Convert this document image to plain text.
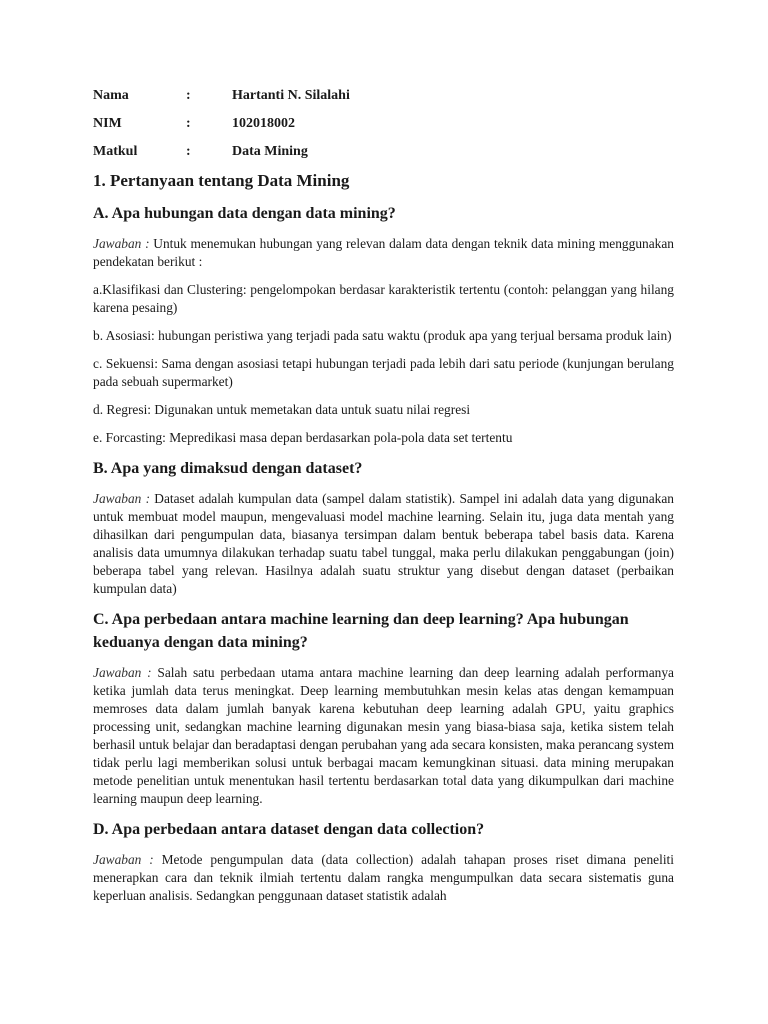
Nama	:	Hartanti N. Silalahi
NIM	:	102018002
Matkul	:	Data Mining
1. Pertanyaan tentang Data Mining
A. Apa hubungan data dengan data mining?

Jawaban : Untuk menemukan hubungan yang relevan dalam data dengan teknik data mining menggunakan pendekatan berikut :

a.Klasifikasi dan Clustering: pengelompokan berdasar karakteristik tertentu (contoh: pelanggan yang hilang karena pesaing)

b. Asosiasi: hubungan peristiwa yang terjadi pada satu waktu (produk apa yang terjual bersama produk lain)

c. Sekuensi: Sama dengan asosiasi tetapi hubungan terjadi pada lebih dari satu periode (kunjungan berulang pada sebuah supermarket)

d. Regresi: Digunakan untuk memetakan data untuk suatu nilai regresi

e. Forcasting: Mepredikasi masa depan berdasarkan pola-pola data set tertentu

B. Apa yang dimaksud dengan dataset?

Jawaban : Dataset adalah kumpulan data (sampel dalam statistik). Sampel ini adalah data yang digunakan untuk membuat model maupun, mengevaluasi model machine learning. Selain itu, juga data mentah yang dihasilkan dari pengumpulan data, biasanya tersimpan dalam bentuk beberapa tabel basis data. Karena analisis data umumnya dilakukan terhadap suatu tabel tunggal, maka perlu dilakukan penggabungan (join) beberapa tabel yang relevan. Hasilnya adalah suatu struktur yang disebut dengan dataset (perbaikan kumpulan data)

C. Apa perbedaan antara machine learning dan deep learning? Apa hubungan keduanya dengan data mining?

Jawaban : Salah satu perbedaan utama antara machine learning dan deep learning adalah performanya ketika jumlah data terus meningkat. Deep learning membutuhkan mesin kelas atas dengan kemampuan memroses data dalam jumlah banyak karena kebutuhan deep learning adalah GPU, yaitu graphics processing unit, sedangkan machine learning digunakan mesin yang biasa-biasa saja, ketika sistem telah berhasil untuk belajar dan beradaptasi dengan perubahan yang ada secara konsisten, maka perancang system tidak perlu lagi memberikan solusi untuk berbagai macam kemungkinan situasi. data mining merupakan metode penelitian untuk menentukan hasil tertentu berdasarkan total data yang dikumpulkan dari machine learning maupun deep learning.

D. Apa perbedaan antara dataset dengan data collection?

Jawaban : Metode pengumpulan data (data collection) adalah tahapan proses riset dimana peneliti menerapkan cara dan teknik ilmiah tertentu dalam rangka mengumpulkan data secara sistematis guna keperluan analisis. Sedangkan penggunaan dataset statistik adalah
